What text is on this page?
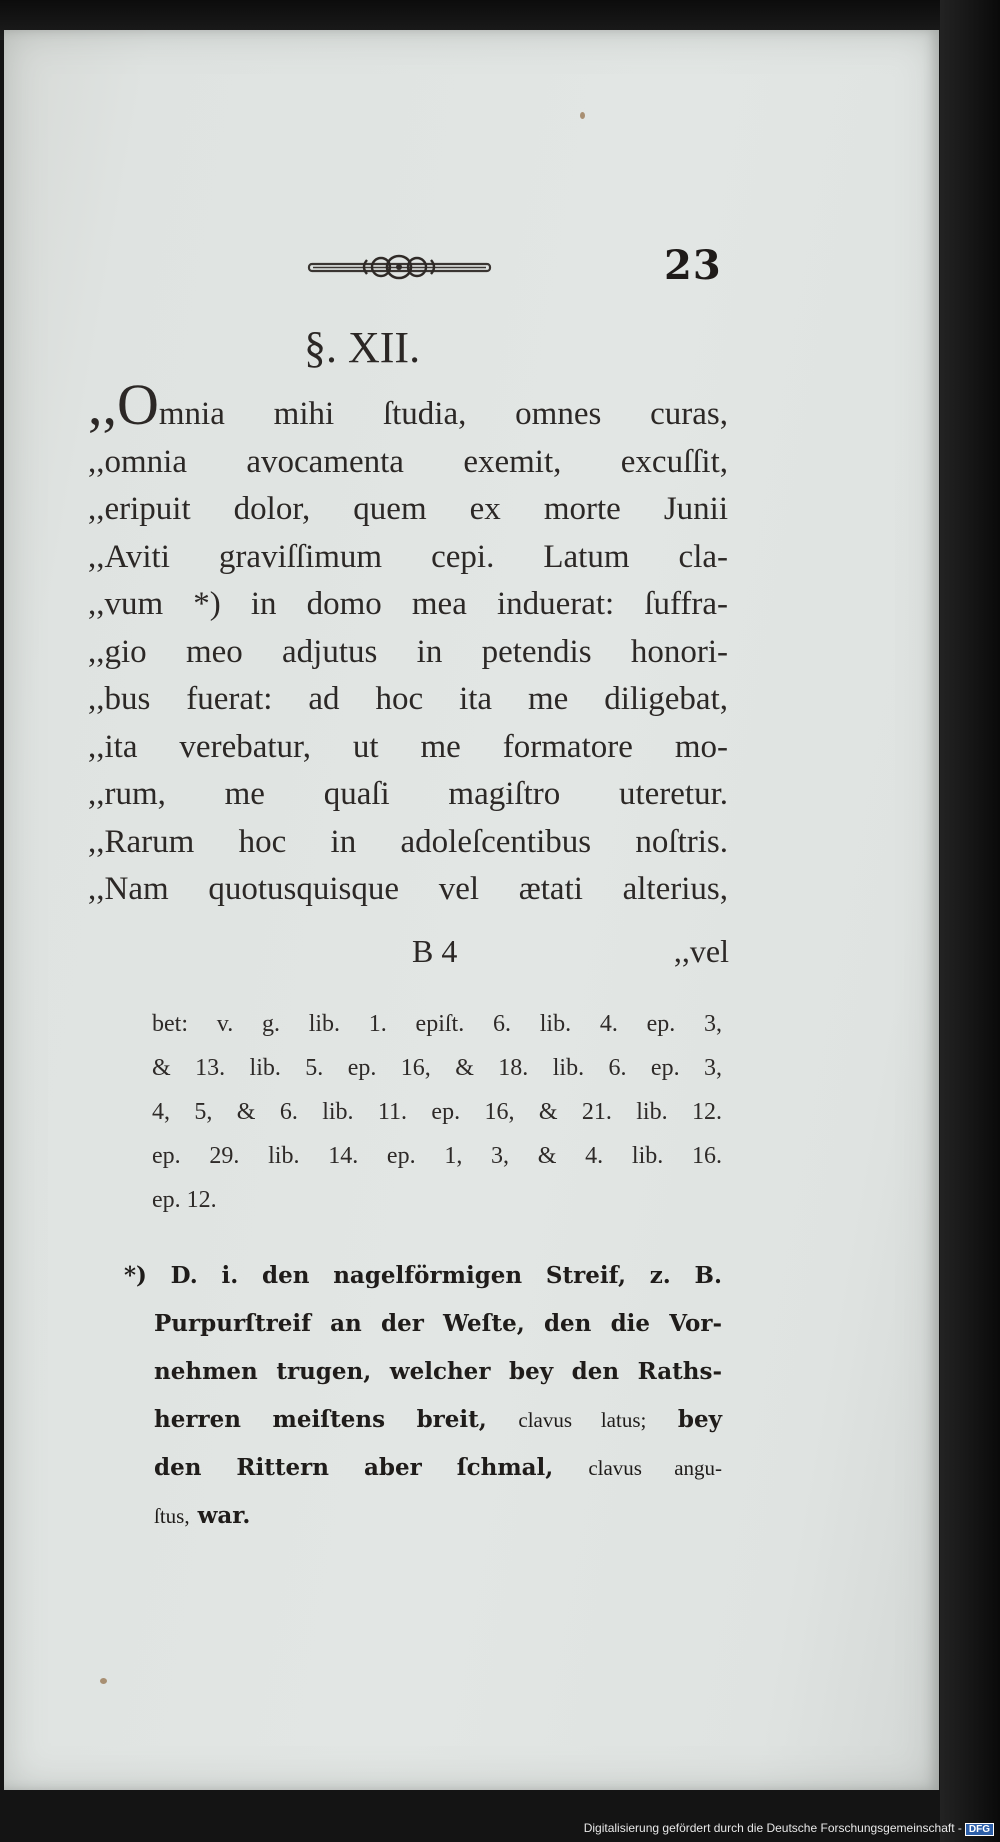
23
§. XII.
,,Omnia mihi ſtudia, omnes curas,
,,omnia avocamenta exemit, excuſſit,
,,eripuit dolor, quem ex morte Junii
,,Aviti graviſſimum cepi. Latum cla-
,,vum *) in domo mea induerat: ſuffra-
,,gio meo adjutus in petendis honori-
,,bus fuerat: ad hoc ita me diligebat,
,,ita verebatur, ut me formatore mo-
,,rum, me quaſi magiſtro uteretur.
,,Rarum hoc in adoleſcentibus noſtris.
,,Nam quotusquisque vel ætati alterius,
B 4	,,vel
bet: v. g. lib. 1. epiſt. 6. lib. 4. ep. 3,
& 13. lib. 5. ep. 16, & 18. lib. 6. ep. 3,
4, 5, & 6. lib. 11. ep. 16, & 21. lib. 12.
ep. 29. lib. 14. ep. 1, 3, & 4. lib. 16.
ep. 12.
*) D. i. den nagelförmigen Streif, z. B.
Purpurſtreif an der Weſte, den die Vor-
nehmen trugen, welcher bey den Raths-
herren meiſtens breit, clavus latus; bey
den Rittern aber ſchmal, clavus angu-
ſtus, war.
Digitalisierung gefördert durch die Deutsche Forschungsgemeinschaft - DFG
